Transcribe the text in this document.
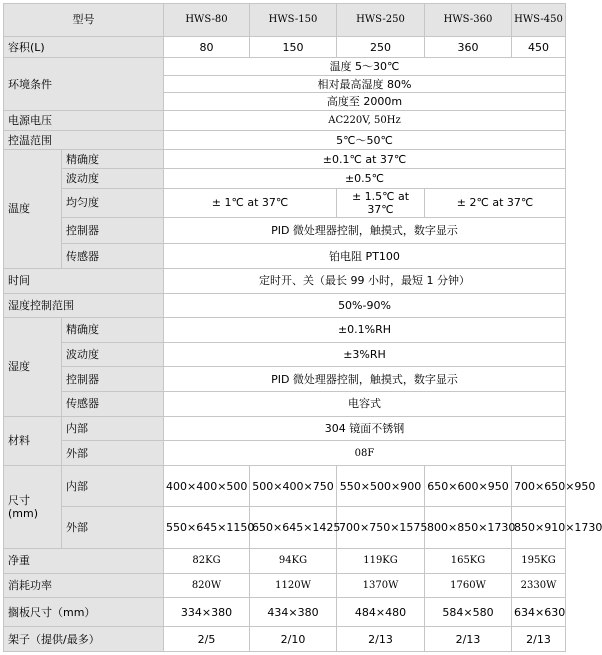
型号		HWS-80	HWS-150	HWS-250	HWS-360	HWS-450
容积(L)		80	150	250	360	450
环境条件		温度 5～30℃				
		相对最高湿度 80%				
		高度至 2000m				
电源电压		AC220V, 50Hz				
控温范围		5℃～50℃				
温度	精确度	±0.1℃ at 37℃				
	波动度	±0.5℃				
	均匀度	± 1℃ at 37℃		± 1.5℃ at 37℃	± 2℃ at 37℃	
	控制器	PID 微处理器控制，触摸式，数字显示				
	传感器	铂电阻 PT100				
时间		定时开、关（最长 99 小时，最短 1 分钟）				
湿度控制范围		50%-90%				
湿度	精确度	±0.1%RH				
	波动度	±3%RH				
	控制器	PID 微处理器控制，触摸式，数字显示				
	传感器	电容式				
材料	内部	304 镜面不锈钢				
	外部	08F				
尺寸(mm)	内部	400×400×500	500×400×750	550×500×900	650×600×950	700×650×950
	外部	550×645×1150	650×645×1425	700×750×1575	800×850×1730	850×910×1730
净重		82KG	94KG	119KG	165KG	195KG
消耗功率		820W	1120W	1370W	1760W	2330W
搁板尺寸（mm）		334×380	434×380	484×480	584×580	634×630
架子（提供/最多）		2/5	2/10	2/13	2/13	2/13
